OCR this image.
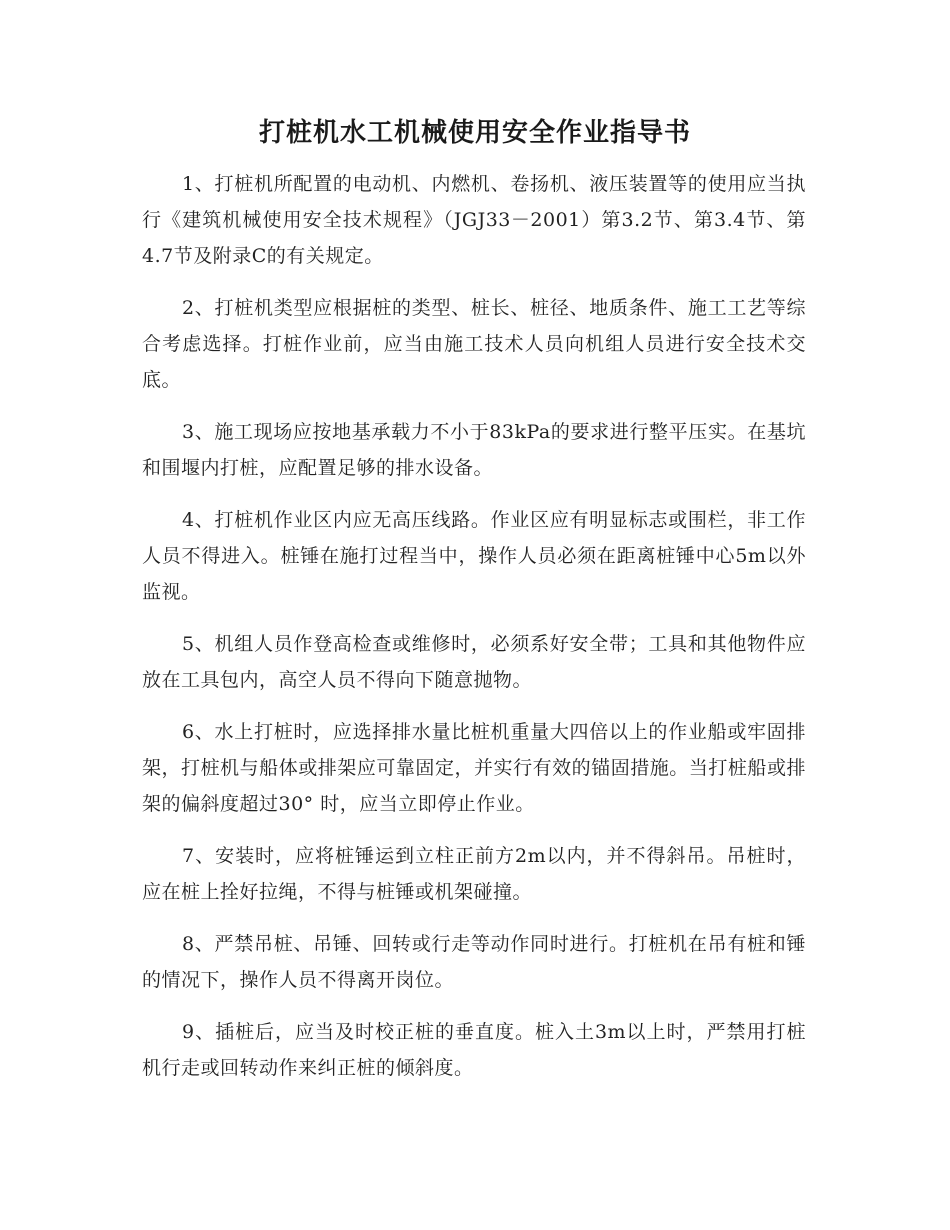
打桩机水工机械使用安全作业指导书

1、打桩机所配置的电动机、内燃机、卷扬机、液压装置等的使用应当执行《建筑机械使用安全技术规程》（JGJ33－2001）第3.2节、第3.4节、第4.7节及附录C的有关规定。

2、打桩机类型应根据桩的类型、桩长、桩径、地质条件、施工工艺等综合考虑选择。打桩作业前，应当由施工技术人员向机组人员进行安全技术交底。

3、施工现场应按地基承载力不小于83kPa的要求进行整平压实。在基坑和围堰内打桩，应配置足够的排水设备。

4、打桩机作业区内应无高压线路。作业区应有明显标志或围栏，非工作人员不得进入。桩锤在施打过程当中，操作人员必须在距离桩锤中心5m以外监视。

5、机组人员作登高检查或维修时，必须系好安全带；工具和其他物件应放在工具包内，高空人员不得向下随意抛物。

6、水上打桩时，应选择排水量比桩机重量大四倍以上的作业船或牢固排架，打桩机与船体或排架应可靠固定，并实行有效的锚固措施。当打桩船或排架的偏斜度超过30° 时，应当立即停止作业。

7、安装时，应将桩锤运到立柱正前方2m以内，并不得斜吊。吊桩时，应在桩上拴好拉绳，不得与桩锤或机架碰撞。

8、严禁吊桩、吊锤、回转或行走等动作同时进行。打桩机在吊有桩和锤的情况下，操作人员不得离开岗位。

9、插桩后，应当及时校正桩的垂直度。桩入土3m以上时，严禁用打桩机行走或回转动作来纠正桩的倾斜度。
